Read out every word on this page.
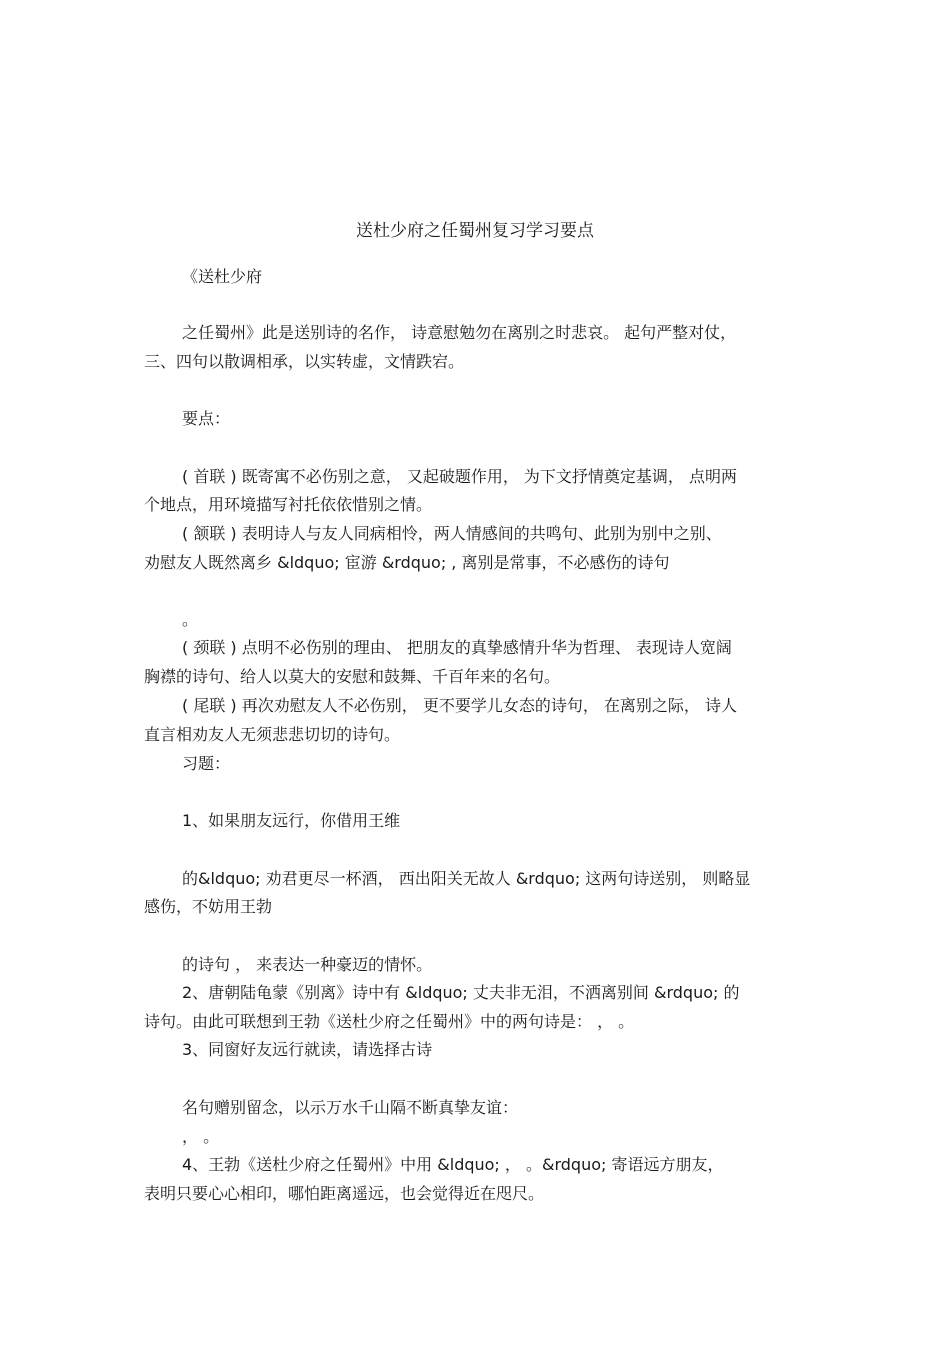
送杜少府之任蜀州复习学习要点
《送杜少府
之任蜀州》此是送别诗的名作， 诗意慰勉勿在离别之时悲哀。 起句严整对仗，
三、四句以散调相承，以实转虚，文情跌宕。
要点：
( 首联 ) 既寄寓不必伤别之意， 又起破题作用， 为下文抒情奠定基调， 点明两
个地点，用环境描写衬托依依惜别之情。
( 颔联 ) 表明诗人与友人同病相怜，两人情感间的共鸣句、此别为别中之别、
劝慰友人既然离乡 &ldquo; 宦游 &rdquo; , 离别是常事，不必感伤的诗句
。
( 颈联 ) 点明不必伤别的理由、 把朋友的真挚感情升华为哲理、 表现诗人宽阔
胸襟的诗句、给人以莫大的安慰和鼓舞、千百年来的名句。
( 尾联 ) 再次劝慰友人不必伤别， 更不要学儿女态的诗句， 在离别之际， 诗人
直言相劝友人无须悲悲切切的诗句。
习题：
1、如果朋友远行，你借用王维
的&ldquo; 劝君更尽一杯酒， 西出阳关无故人 &rdquo; 这两句诗送别， 则略显
感伤，不妨用王勃
的诗句 ， 来表达一种豪迈的情怀。
2、唐朝陆龟蒙《别离》诗中有 &ldquo; 丈夫非无泪，不洒离别间 &rdquo; 的
诗句。由此可联想到王勃《送杜少府之任蜀州》中的两句诗是： ， 。
3、同窗好友远行就读，请选择古诗
名句赠别留念，以示万水千山隔不断真挚友谊：
， 。
4、王勃《送杜少府之任蜀州》中用 &ldquo; ， 。&rdquo; 寄语远方朋友，
表明只要心心相印，哪怕距离遥远，也会觉得近在咫尺。
